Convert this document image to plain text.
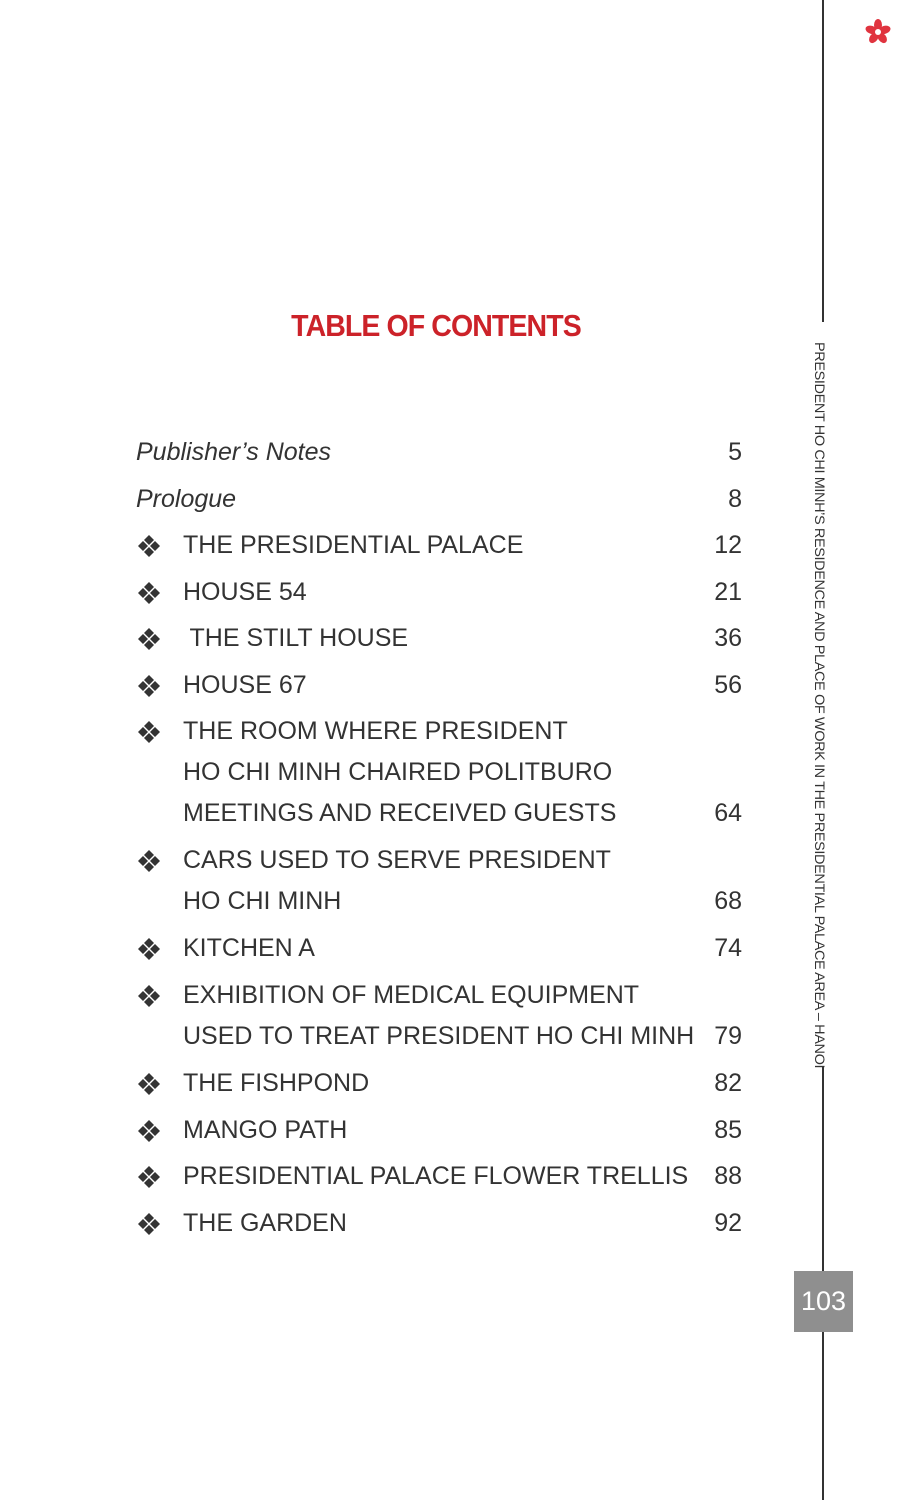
PRESIDENT HO CHI MINH’S RESIDENCE AND PLACE OF WORK IN THE PRESIDENTIAL PALACE AREA – HANOI
103
TABLE OF CONTENTS
Publisher’s Notes	5
Prologue	8
THE PRESIDENTIAL PALACE	12
HOUSE 54	21
THE STILT HOUSE	36
HOUSE 67	56
THE ROOM WHERE PRESIDENT
HO CHI MINH CHAIRED POLITBURO
MEETINGS AND RECEIVED GUESTS	64
CARS USED TO SERVE PRESIDENT
HO CHI MINH	68
KITCHEN A	74
EXHIBITION OF MEDICAL EQUIPMENT
USED TO TREAT PRESIDENT HO CHI MINH 79
THE FISHPOND	82
MANGO PATH	85
PRESIDENTIAL PALACE FLOWER TRELLIS 88
THE GARDEN	92
